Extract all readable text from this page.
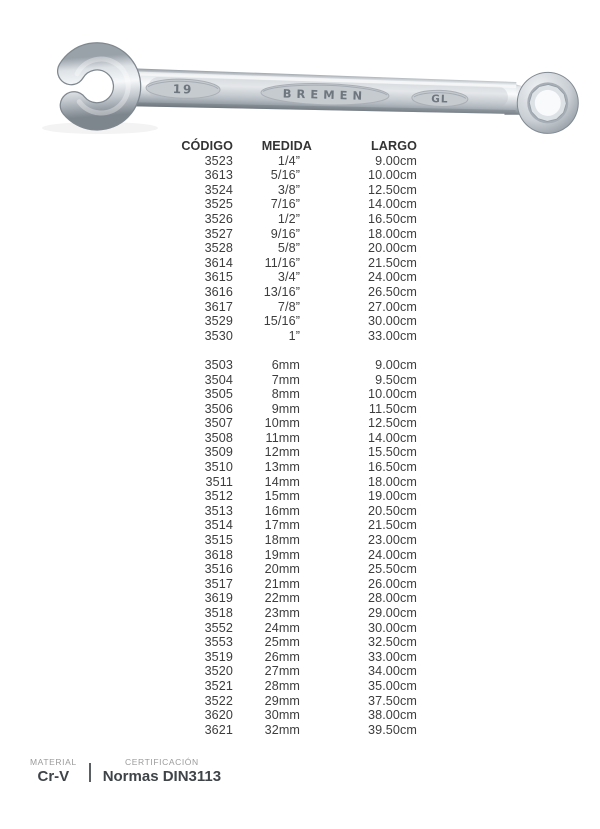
19	BREMEN	GL
CÓDIGO	MEDIDA	LARGO
3523	1/4”	9.00cm
3613	5/16”	10.00cm
3524	3/8”	12.50cm
3525	7/16”	14.00cm
3526	1/2”	16.50cm
3527	9/16”	18.00cm
3528	5/8”	20.00cm
3614	11/16”	21.50cm
3615	3/4”	24.00cm
3616	13/16”	26.50cm
3617	7/8”	27.00cm
3529	15/16”	30.00cm
3530	1”	33.00cm
3503	6mm	9.00cm
3504	7mm	9.50cm
3505	8mm	10.00cm
3506	9mm	11.50cm
3507	10mm	12.50cm
3508	11mm	14.00cm
3509	12mm	15.50cm
3510	13mm	16.50cm
3511	14mm	18.00cm
3512	15mm	19.00cm
3513	16mm	20.50cm
3514	17mm	21.50cm
3515	18mm	23.00cm
3618	19mm	24.00cm
3516	20mm	25.50cm
3517	21mm	26.00cm
3619	22mm	28.00cm
3518	23mm	29.00cm
3552	24mm	30.00cm
3553	25mm	32.50cm
3519	26mm	33.00cm
3520	27mm	34.00cm
3521	28mm	35.00cm
3522	29mm	37.50cm
3620	30mm	38.00cm
3621	32mm	39.50cm
MATERIAL
Cr-V
CERTIFICACIÓN
Normas DIN3113
